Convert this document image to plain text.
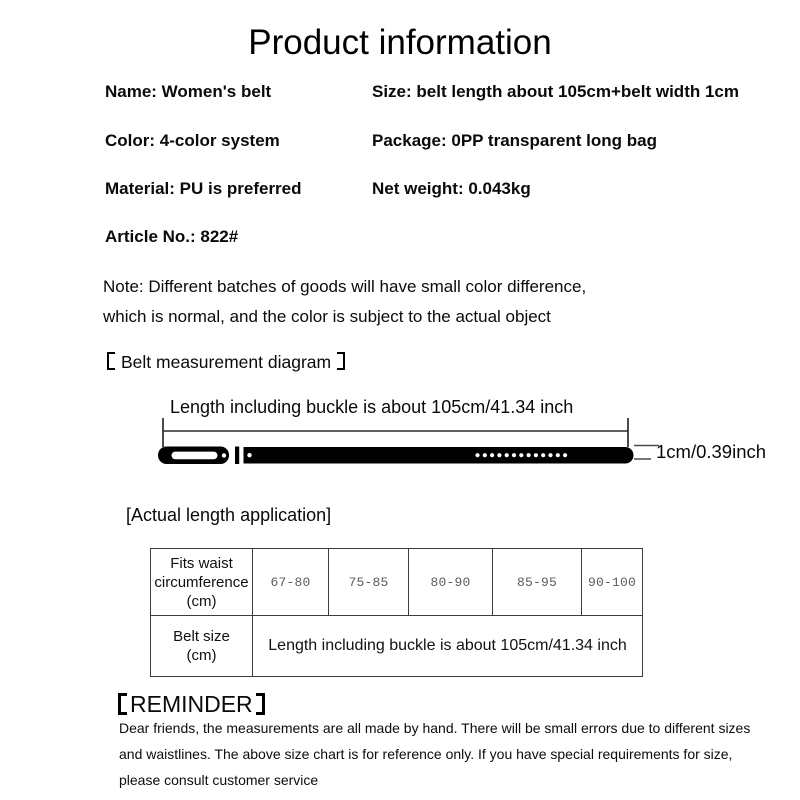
Product information
Name: Women's belt	Size: belt length about 105cm+belt width 1cm
Color: 4-color system	Package: 0PP transparent long bag
Material: PU is preferred	Net weight: 0.043kg
Article No.: 822#
Note: Different batches of goods will have small color difference,
which is normal, and the color is subject to the actual object
Belt measurement diagram
Length including buckle is about 105cm/41.34 inch
1cm/0.39inch
[Actual length application]
Fits waist
circumference
(cm)	67-80	75-85	80-90	85-95	90-100

Belt size
(cm)	Length including buckle is about 105cm/41.34 inch				
REMINDER
Dear friends, the measurements are all made by hand. There will be small errors due to different sizes
and waistlines. The above size chart is for reference only. If you have special requirements for size,
please consult customer service
